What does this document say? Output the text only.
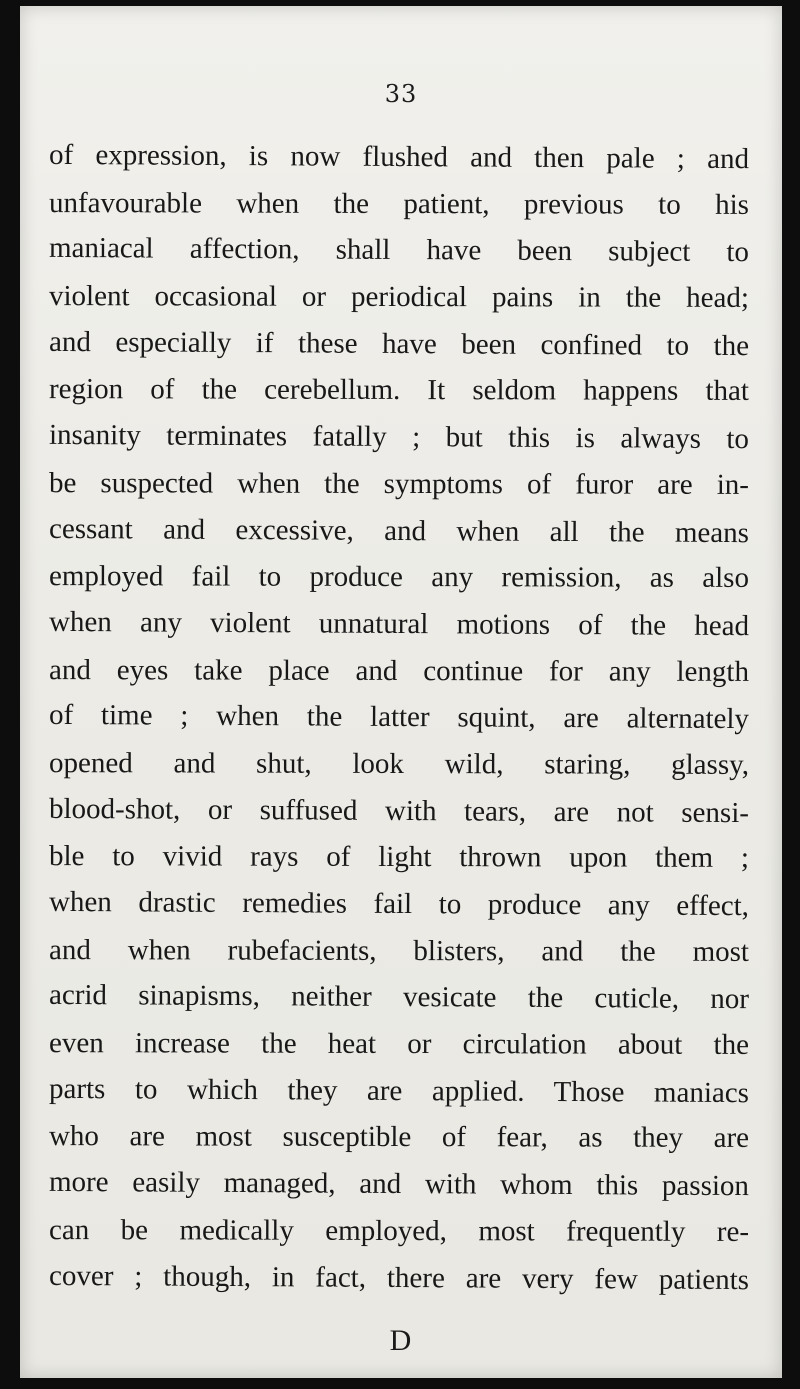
33
of expression, is now flushed and then pale ; and
unfavourable when the patient, previous to his
maniacal affection, shall have been subject to
violent occasional or periodical pains in the head;
and especially if these have been confined to the
region of the cerebellum. It seldom happens that
insanity terminates fatally ; but this is always to
be suspected when the symptoms of furor are in-
cessant and excessive, and when all the means
employed fail to produce any remission, as also
when any violent unnatural motions of the head
and eyes take place and continue for any length
of time ; when the latter squint, are alternately
opened and shut, look wild, staring, glassy,
blood-shot, or suffused with tears, are not sensi-
ble to vivid rays of light thrown upon them ;
when drastic remedies fail to produce any effect,
and when rubefacients, blisters, and the most
acrid sinapisms, neither vesicate the cuticle, nor
even increase the heat or circulation about the
parts to which they are applied. Those maniacs
who are most susceptible of fear, as they are
more easily managed, and with whom this passion
can be medically employed, most frequently re-
cover ; though, in fact, there are very few patients
D
